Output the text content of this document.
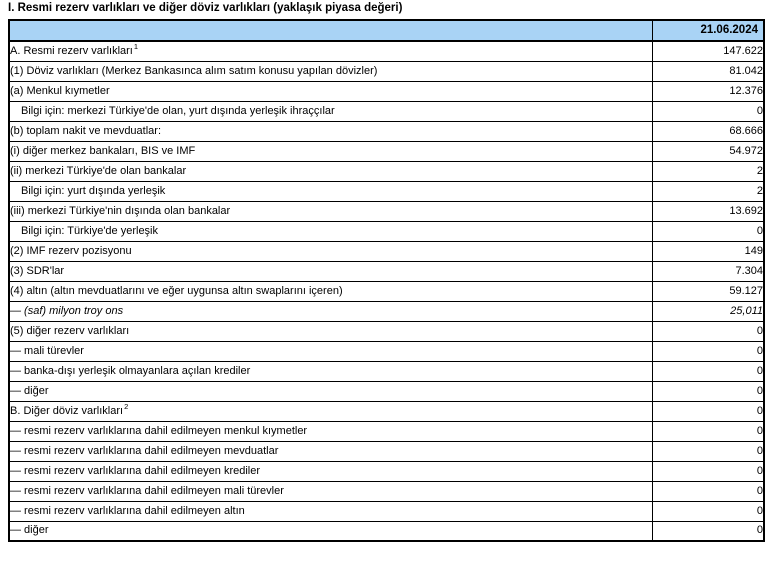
I. Resmi rezerv varlıkları ve diğer döviz varlıkları (yaklaşık piyasa değeri)
	21.06.2024
A. Resmi rezerv varlıkları$^1$	147.622
(1) Döviz varlıkları (Merkez Bankasınca alım satım konusu yapılan dövizler)	81.042
(a) Menkul kıymetler	12.376
Bilgi için: merkezi Türkiye'de olan, yurt dışında yerleşik ihraççılar	0
(b) toplam nakit ve mevduatlar:	68.666
(i) diğer merkez bankaları, BIS ve IMF	54.972
(ii) merkezi Türkiye'de olan bankalar	2
Bilgi için: yurt dışında yerleşik	2
(iii) merkezi Türkiye'nin dışında olan bankalar	13.692
Bilgi için: Türkiye'de yerleşik	0
(2) IMF rezerv pozisyonu	149
(3) SDR'lar	7.304
(4) altın (altın mevduatlarını ve eğer uygunsa altın swaplarını içeren)	59.127
— (saf) milyon troy ons	25,011
(5) diğer rezerv varlıkları	0
— mali türevler	0
— banka-dışı yerleşik olmayanlara açılan krediler	0
— diğer	0
B. Diğer döviz varlıkları$^2$	0
— resmi rezerv varlıklarına dahil edilmeyen menkul kıymetler	0
— resmi rezerv varlıklarına dahil edilmeyen mevduatlar	0
— resmi rezerv varlıklarına dahil edilmeyen krediler	0
— resmi rezerv varlıklarına dahil edilmeyen mali türevler	0
— resmi rezerv varlıklarına dahil edilmeyen altın	0
— diğer	0
